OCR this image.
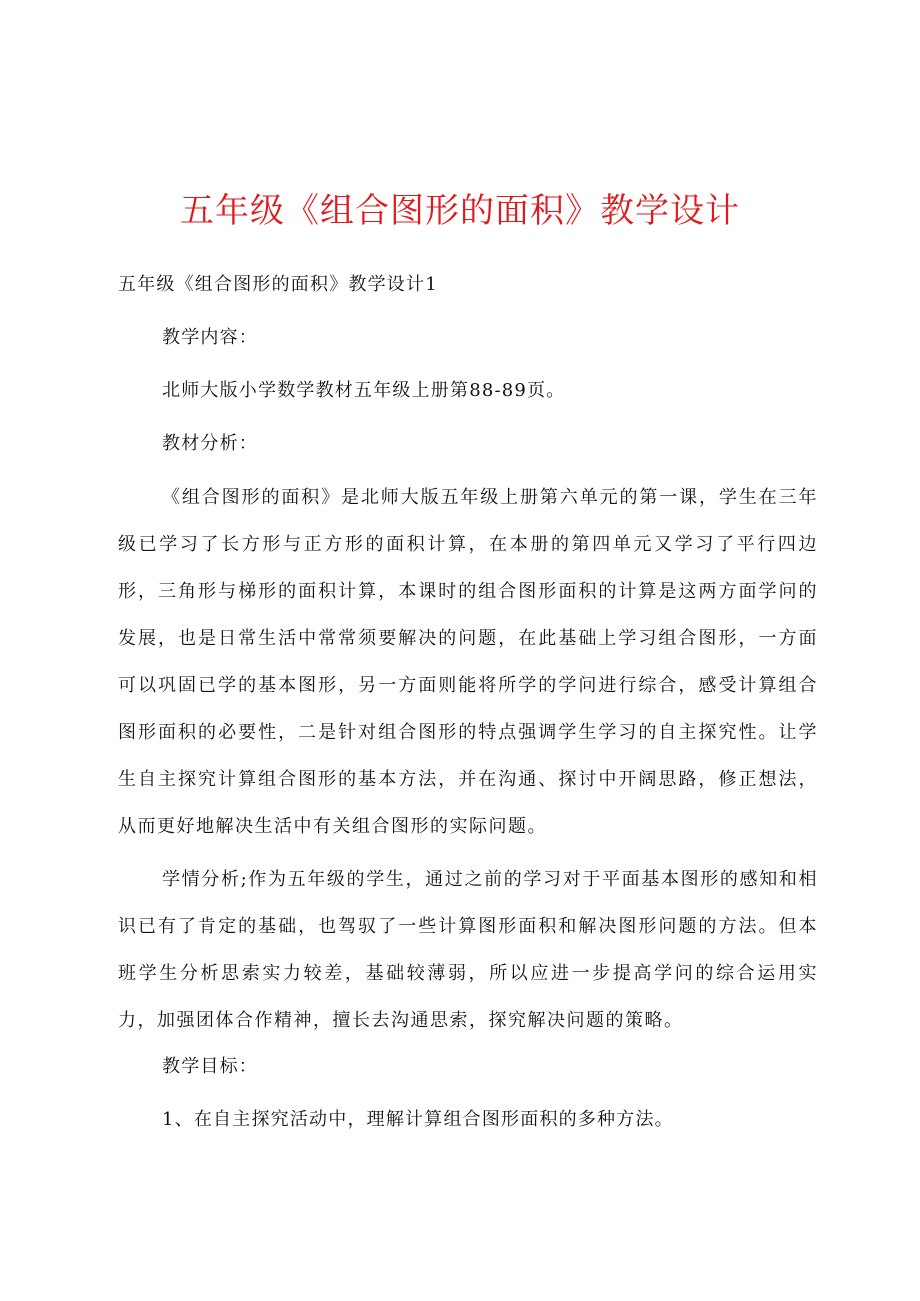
五年级《组合图形的面积》教学设计

五年级《组合图形的面积》教学设计1

教学内容：

北师大版小学数学教材五年级上册第88-89页。

教材分析：

《组合图形的面积》是北师大版五年级上册第六单元的第一课，学生在三年级已学习了长方形与正方形的面积计算，在本册的第四单元又学习了平行四边形，三角形与梯形的面积计算，本课时的组合图形面积的计算是这两方面学问的发展，也是日常生活中常常须要解决的问题，在此基础上学习组合图形，一方面可以巩固已学的基本图形，另一方面则能将所学的学问进行综合，感受计算组合图形面积的必要性，二是针对组合图形的特点强调学生学习的自主探究性。让学生自主探究计算组合图形的基本方法，并在沟通、探讨中开阔思路，修正想法，从而更好地解决生活中有关组合图形的实际问题。

学情分析;作为五年级的学生，通过之前的学习对于平面基本图形的感知和相识已有了肯定的基础，也驾驭了一些计算图形面积和解决图形问题的方法。但本班学生分析思索实力较差，基础较薄弱，所以应进一步提高学问的综合运用实力，加强团体合作精神，擅长去沟通思索，探究解决问题的策略。

教学目标：

1、在自主探究活动中，理解计算组合图形面积的多种方法。
